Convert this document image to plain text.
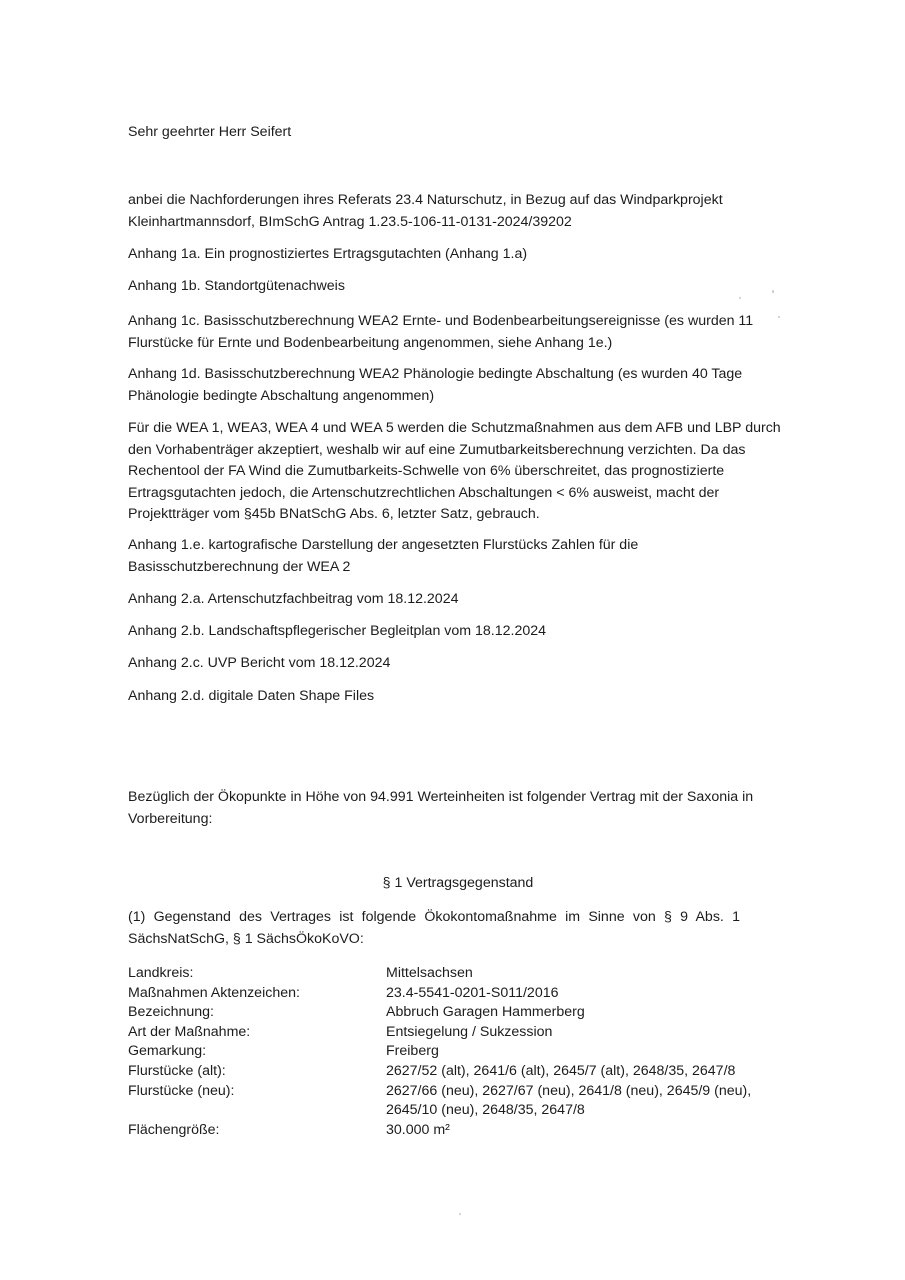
Sehr geehrter Herr Seifert

anbei die Nachforderungen ihres Referats 23.4 Naturschutz, in Bezug auf das Windparkprojekt Kleinhartmannsdorf, BImSchG Antrag 1.23.5-106-11-0131-2024/39202

Anhang 1a. Ein prognostiziertes Ertragsgutachten (Anhang 1.a)

Anhang 1b. Standortgütenachweis

Anhang 1c. Basisschutzberechnung WEA2 Ernte- und Bodenbearbeitungsereignisse (es wurden 11 Flurstücke für Ernte und Bodenbearbeitung angenommen, siehe Anhang 1e.)

Anhang 1d. Basisschutzberechnung WEA2 Phänologie bedingte Abschaltung (es wurden 40 Tage Phänologie bedingte Abschaltung angenommen)

Für die WEA 1, WEA3, WEA 4 und WEA 5 werden die Schutzmaßnahmen aus dem AFB und LBP durch den Vorhabenträger akzeptiert, weshalb wir auf eine Zumutbarkeitsberechnung verzichten. Da das Rechentool der FA Wind die Zumutbarkeits-Schwelle von 6% überschreitet, das prognostizierte Ertragsgutachten jedoch, die Artenschutzrechtlichen Abschaltungen < 6% ausweist, macht der Projektträger vom §45b BNatSchG Abs. 6, letzter Satz, gebrauch.

Anhang 1.e. kartografische Darstellung der angesetzten Flurstücks Zahlen für die Basisschutzberechnung der WEA 2

Anhang 2.a. Artenschutzfachbeitrag vom 18.12.2024

Anhang 2.b. Landschaftspflegerischer Begleitplan vom 18.12.2024

Anhang 2.c. UVP Bericht vom 18.12.2024

Anhang 2.d. digitale Daten Shape Files

Bezüglich der Ökopunkte in Höhe von 94.991 Werteinheiten ist folgender Vertrag mit der Saxonia in Vorbereitung:

§ 1 Vertragsgegenstand

(1) Gegenstand des Vertrages ist folgende Ökokontomaßnahme im Sinne von § 9 Abs. 1 SächsNatSchG, § 1 SächsÖkoKoVO:

Landkreis:	Mittelsachsen
Maßnahmen Aktenzeichen:	23.4-5541-0201-S011/2016
Bezeichnung:	Abbruch Garagen Hammerberg
Art der Maßnahme:	Entsiegelung / Sukzession
Gemarkung:	Freiberg
Flurstücke (alt):	2627/52 (alt), 2641/6 (alt), 2645/7 (alt), 2648/35, 2647/8
Flurstücke (neu):	2627/66 (neu), 2627/67 (neu), 2641/8 (neu), 2645/9 (neu), 2645/10 (neu), 2648/35, 2647/8
Flächengröße:	30.000 m²
